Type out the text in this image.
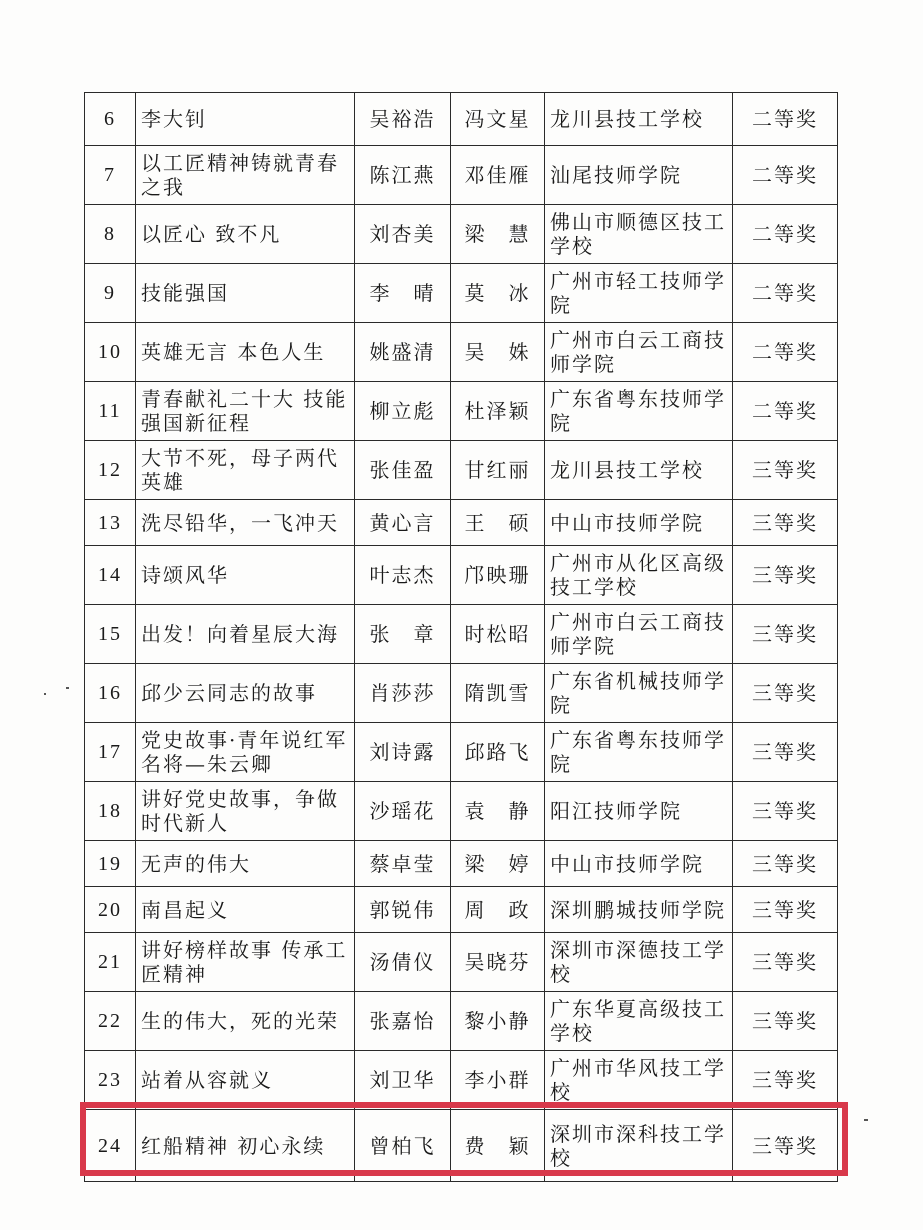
6	李大钊	吴裕浩	冯文星	龙川县技工学校	二等奖
7	以工匠精神铸就青春之我	陈江燕	邓佳雁	汕尾技师学院	二等奖
8	以匠心 致不凡	刘杏美	梁　慧	佛山市顺德区技工学校	二等奖
9	技能强国	李　晴	莫　冰	广州市轻工技师学院	二等奖
10	英雄无言 本色人生	姚盛清	吴　姝	广州市白云工商技师学院	二等奖
11	青春献礼二十大 技能强国新征程	柳立彪	杜泽颖	广东省粤东技师学院	二等奖
12	大节不死，母子两代英雄	张佳盈	甘红丽	龙川县技工学校	三等奖
13	洗尽铅华，一飞冲天	黄心言	王　硕	中山市技师学院	三等奖
14	诗颂风华	叶志杰	邝映珊	广州市从化区高级技工学校	三等奖
15	出发！向着星辰大海	张　章	时松昭	广州市白云工商技师学院	三等奖
16	邱少云同志的故事	肖莎莎	隋凯雪	广东省机械技师学院	三等奖
17	党史故事·青年说红军名将—朱云卿	刘诗露	邱路飞	广东省粤东技师学院	三等奖
18	讲好党史故事，争做时代新人	沙瑶花	袁　静	阳江技师学院	三等奖
19	无声的伟大	蔡卓莹	梁　婷	中山市技师学院	三等奖
20	南昌起义	郭锐伟	周　政	深圳鹏城技师学院	三等奖
21	讲好榜样故事 传承工匠精神	汤倩仪	吴晓芬	深圳市深德技工学校	三等奖
22	生的伟大，死的光荣	张嘉怡	黎小静	广东华夏高级技工学校	三等奖
23	站着从容就义	刘卫华	李小群	广州市华风技工学校	三等奖
24	红船精神 初心永续	曾柏飞	费　颖	深圳市深科技工学校	三等奖
